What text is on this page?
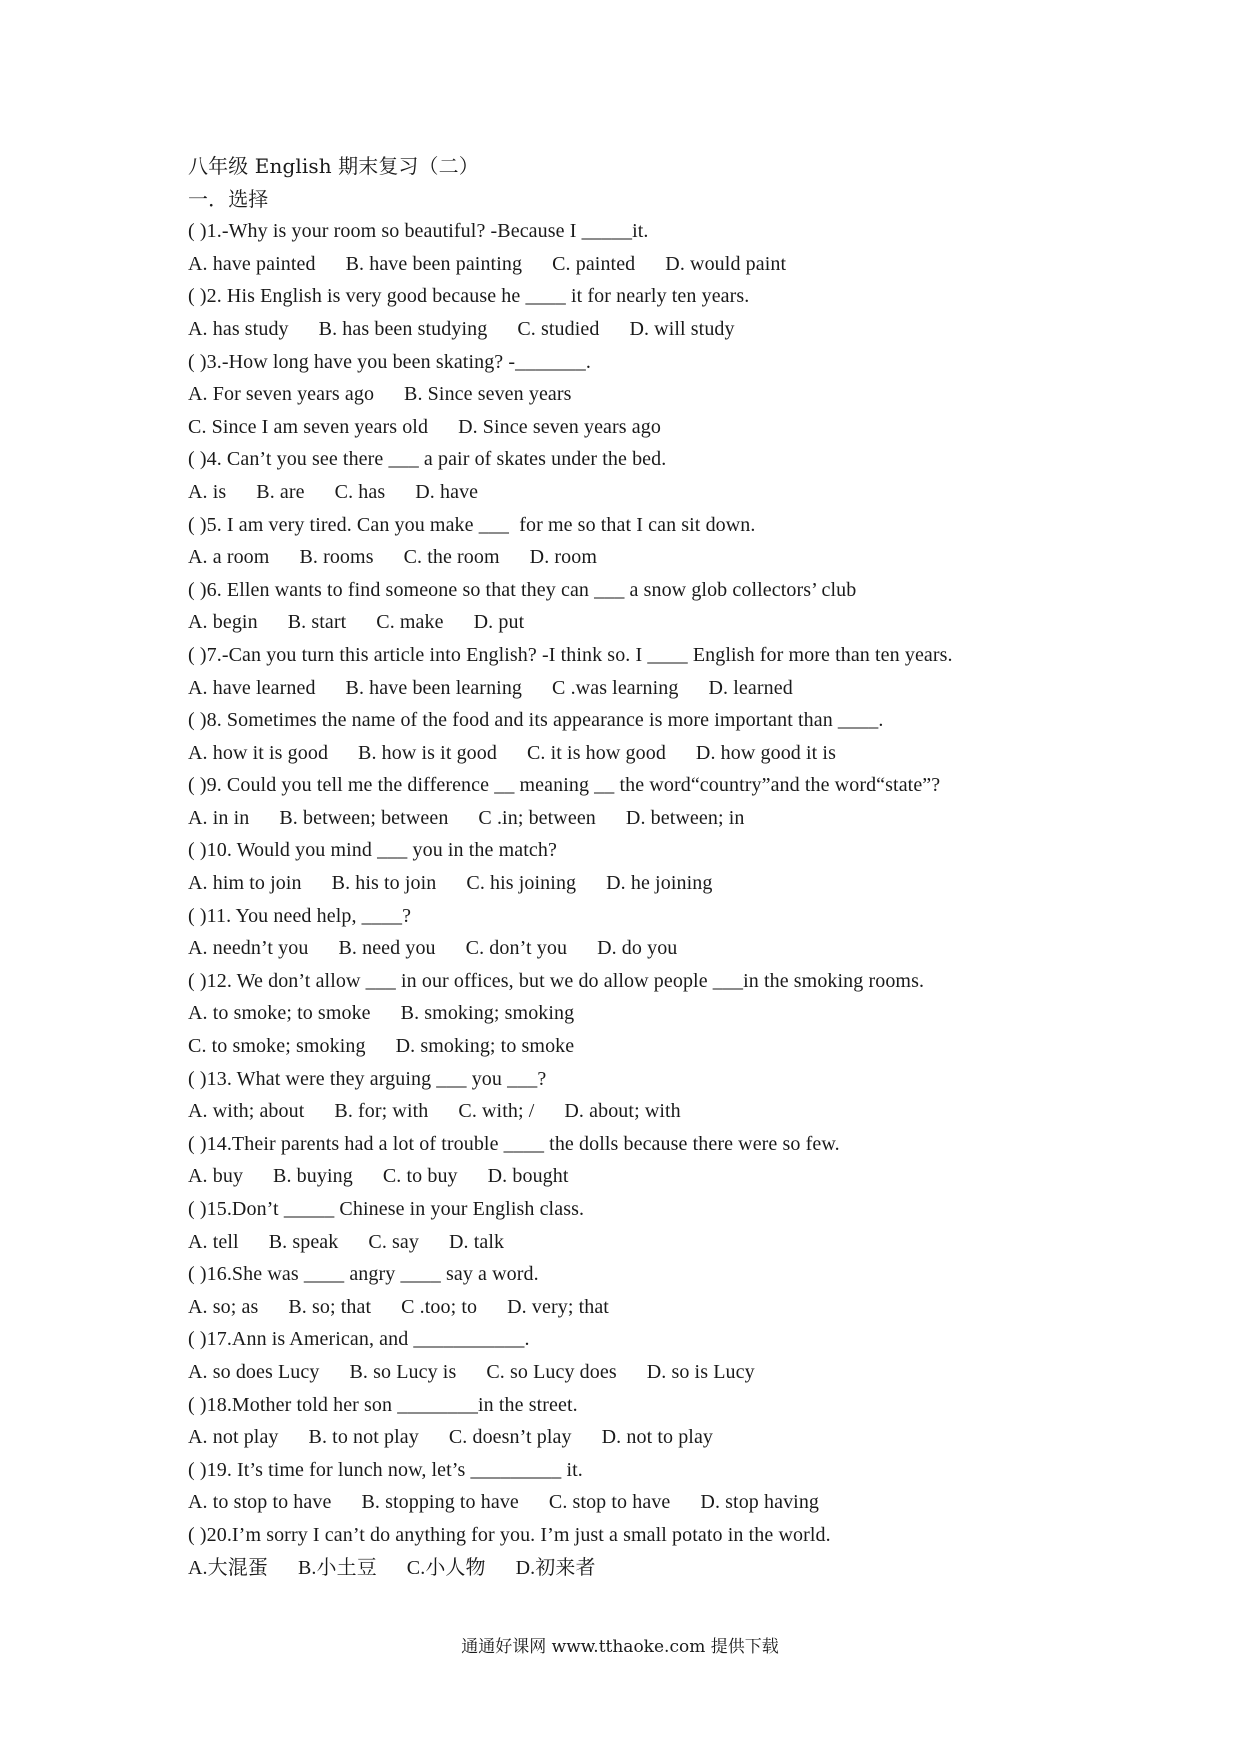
八年级 English 期末复习（二）
一．选择
( )1.-Why is your room so beautiful? -Because I _____it.
A. have painted B. have been painting C. painted D. would paint
( )2. His English is very good because he ____ it for nearly ten years.
A. has study B. has been studying C. studied D. will study
( )3.-How long have you been skating? -_______.
A. For seven years ago B. Since seven years
C. Since I am seven years old D. Since seven years ago
( )4. Can’t you see there ___ a pair of skates under the bed.
A. is B. are C. has D. have
( )5. I am very tired. Can you make ___  for me so that I can sit down.
A. a room B. rooms C. the room D. room
( )6. Ellen wants to find someone so that they can ___ a snow glob collectors’ club
A. begin B. start C. make D. put
( )7.-Can you turn this article into English? -I think so. I ____ English for more than ten years.
A. have learned B. have been learning C .was learning D. learned
( )8. Sometimes the name of the food and its appearance is more important than ____.
A. how it is good B. how is it good C. it is how good D. how good it is
( )9. Could you tell me the difference __ meaning __ the word“country”and the word“state”?
A. in in B. between; between C .in; between D. between; in
( )10. Would you mind ___ you in the match?
A. him to join B. his to join C. his joining D. he joining
( )11. You need help, ____?
A. needn’t you B. need you C. don’t you D. do you
( )12. We don’t allow ___ in our offices, but we do allow people ___in the smoking rooms.
A. to smoke; to smoke B. smoking; smoking
C. to smoke; smoking D. smoking; to smoke
( )13. What were they arguing ___ you ___?
A. with; about B. for; with C. with; / D. about; with
( )14.Their parents had a lot of trouble ____ the dolls because there were so few.
A. buy B. buying C. to buy D. bought
( )15.Don’t _____ Chinese in your English class.
A. tell B. speak C. say D. talk
( )16.She was ____ angry ____ say a word.
A. so; as B. so; that C .too; to D. very; that
( )17.Ann is American, and ___________.
A. so does Lucy B. so Lucy is C. so Lucy does D. so is Lucy
( )18.Mother told her son ________in the street.
A. not play B. to not play C. doesn’t play D. not to play
( )19. It’s time for lunch now, let’s _________ it.
A. to stop to have B. stopping to have C. stop to have D. stop having
( )20.I’m sorry I can’t do anything for you. I’m just a small potato in the world.
A.大混蛋 B.小土豆 C.小人物 D.初来者
通通好课网 www.tthaoke.com 提供下载
